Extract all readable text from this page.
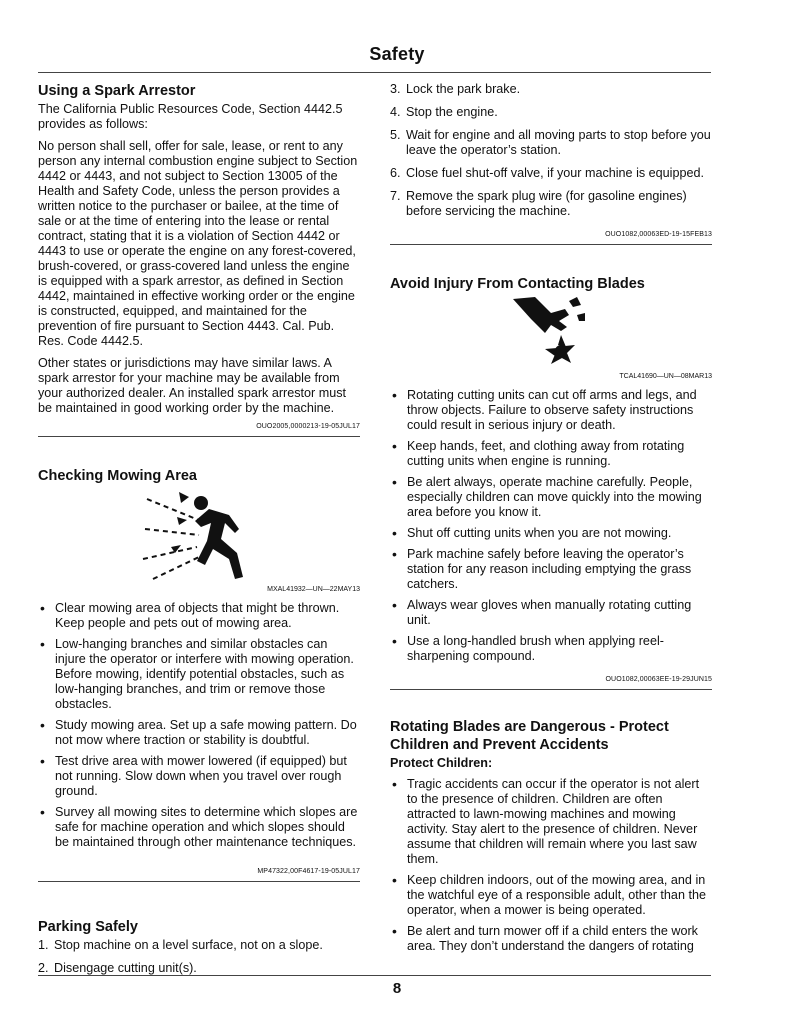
Safety
Using a Spark Arrestor

The California Public Resources Code, Section 4442.5 provides as follows:

No person shall sell, offer for sale, lease, or rent to any person any internal combustion engine subject to Section 4442 or 4443, and not subject to Section 13005 of the Health and Safety Code, unless the person provides a written notice to the purchaser or bailee, at the time of sale or at the time of entering into the lease or rental contract, stating that it is a violation of Section 4442 or 4443 to use or operate the engine on any forest-covered, brush-covered, or grass-covered land unless the engine is equipped with a spark arrestor, as defined in Section 4442, maintained in effective working order or the engine is constructed, equipped, and maintained for the prevention of fire pursuant to Section 4443. Cal. Pub. Res. Code 4442.5.

Other states or jurisdictions may have similar laws. A spark arrestor for your machine may be available from your authorized dealer. An installed spark arrestor must be maintained in good working order by the machine.

OUO2005,0000213-19-05JUL17
Checking Mowing Area
MXAL41932—UN—22MAY13
• Clear mowing area of objects that might be thrown. Keep people and pets out of mowing area.
• Low-hanging branches and similar obstacles can injure the operator or interfere with mowing operation. Before mowing, identify potential obstacles, such as low-hanging branches, and trim or remove those obstacles.
• Study mowing area. Set up a safe mowing pattern. Do not mow where traction or stability is doubtful.
• Test drive area with mower lowered (if equipped) but not running. Slow down when you travel over rough ground.
• Survey all mowing sites to determine which slopes are safe for machine operation and which slopes should be maintained through other maintenance techniques.
MP47322,00F4617-19-05JUL17
Parking Safely
1. Stop machine on a level surface, not on a slope.
2. Disengage cutting unit(s).
3. Lock the park brake.
4. Stop the engine.
5. Wait for engine and all moving parts to stop before you leave the operator’s station.
6. Close fuel shut-off valve, if your machine is equipped.
7. Remove the spark plug wire (for gasoline engines) before servicing the machine.
OUO1082,00063ED-19-15FEB13
Avoid Injury From Contacting Blades
TCAL41690—UN—08MAR13
• Rotating cutting units can cut off arms and legs, and throw objects. Failure to observe safety instructions could result in serious injury or death.
• Keep hands, feet, and clothing away from rotating cutting units when engine is running.
• Be alert always, operate machine carefully. People, especially children can move quickly into the mowing area before you know it.
• Shut off cutting units when you are not mowing.
• Park machine safely before leaving the operator’s station for any reason including emptying the grass catchers.
• Always wear gloves when manually rotating cutting unit.
• Use a long-handled brush when applying reel-sharpening compound.
OUO1082,00063EE-19-29JUN15
Rotating Blades are Dangerous - Protect Children and Prevent Accidents
Protect Children:
• Tragic accidents can occur if the operator is not alert to the presence of children. Children are often attracted to lawn-mowing machines and mowing activity. Stay alert to the presence of children. Never assume that children will remain where you last saw them.
• Keep children indoors, out of the mowing area, and in the watchful eye of a responsible adult, other than the operator, when a mower is being operated.
• Be alert and turn mower off if a child enters the work area. They don’t understand the dangers of rotating
8
